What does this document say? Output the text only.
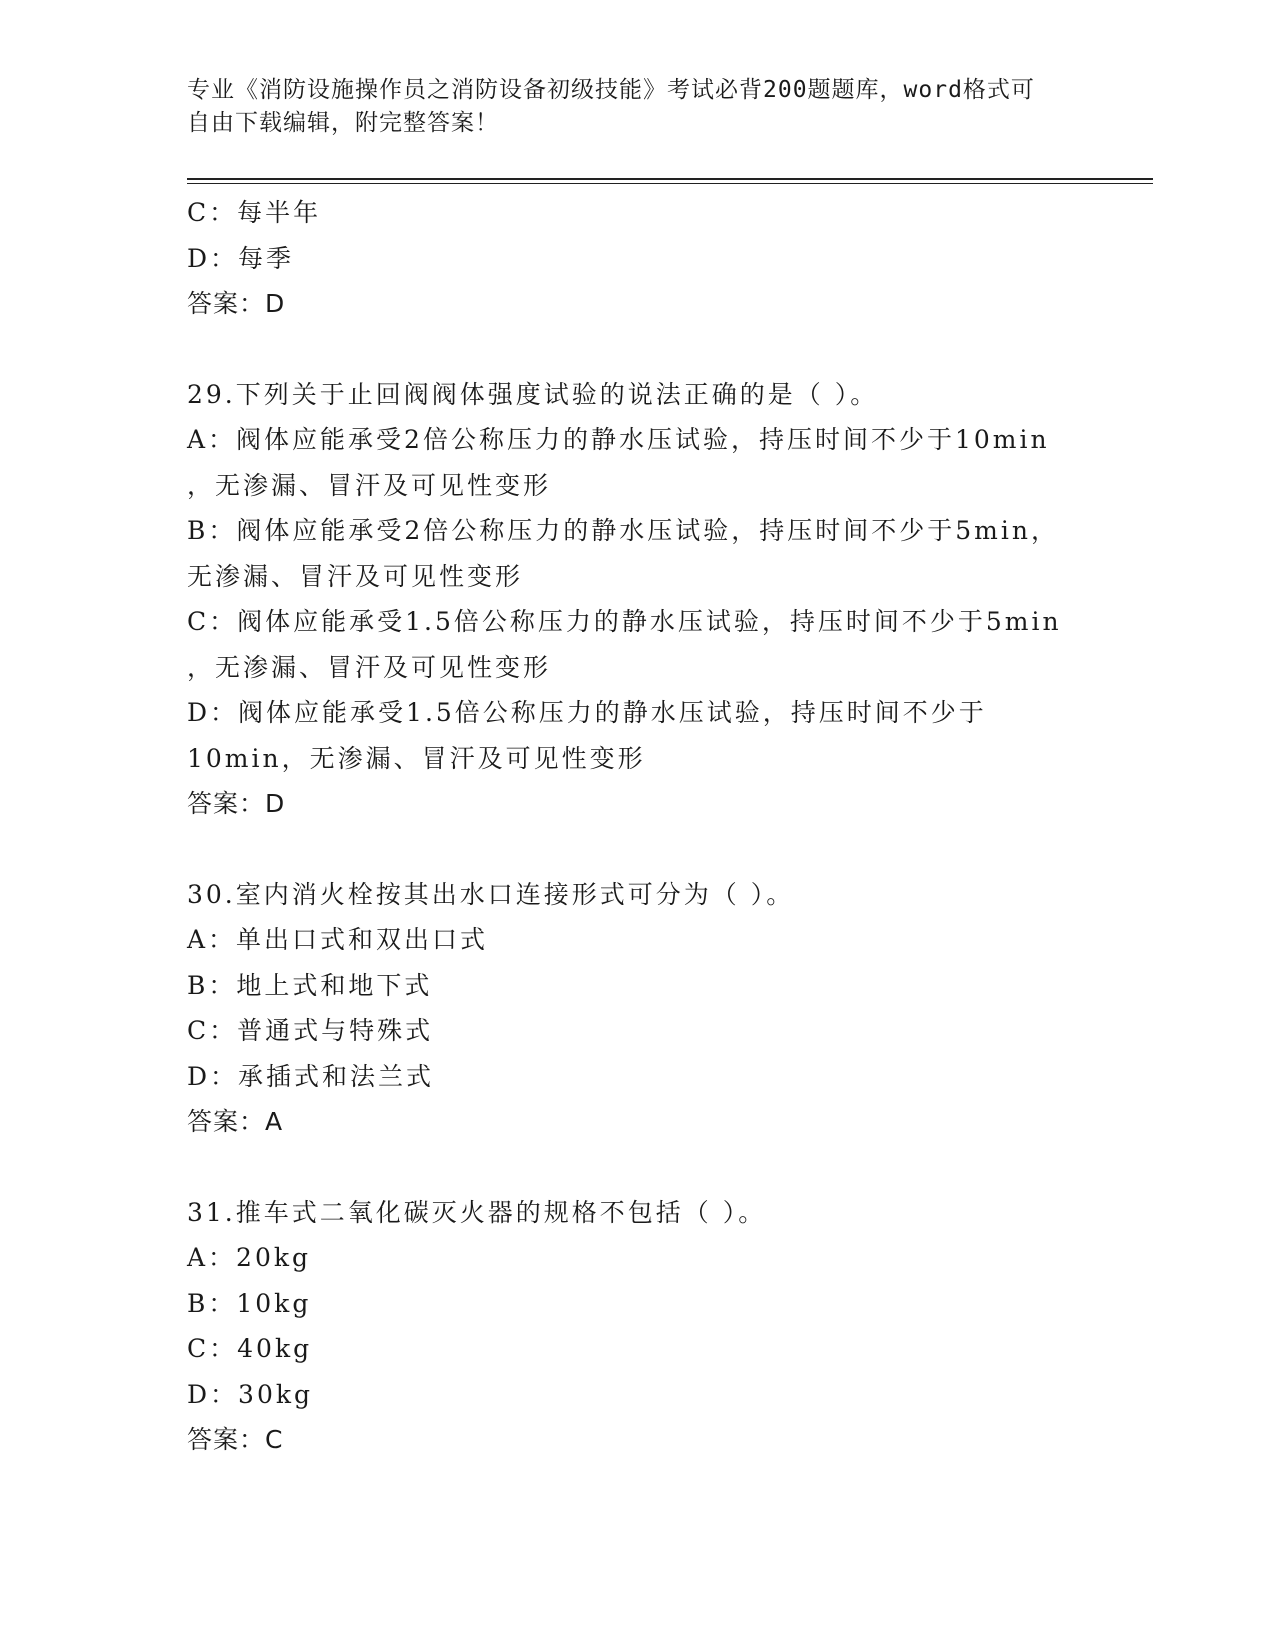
专业《消防设施操作员之消防设备初级技能》考试必背200题题库，word格式可
自由下载编辑，附完整答案！
C：每半年
D：每季
答案：D
29.下列关于止回阀阀体强度试验的说法正确的是（ ）。
A：阀体应能承受2倍公称压力的静水压试验，持压时间不少于10min
，无渗漏、冒汗及可见性变形
B：阀体应能承受2倍公称压力的静水压试验，持压时间不少于5min，
无渗漏、冒汗及可见性变形
C：阀体应能承受1.5倍公称压力的静水压试验，持压时间不少于5min
，无渗漏、冒汗及可见性变形
D：阀体应能承受1.5倍公称压力的静水压试验，持压时间不少于
10min，无渗漏、冒汗及可见性变形
答案：D
30.室内消火栓按其出水口连接形式可分为（ ）。
A：单出口式和双出口式
B：地上式和地下式
C：普通式与特殊式
D：承插式和法兰式
答案：A
31.推车式二氧化碳灭火器的规格不包括（ ）。
A：20kg
B：10kg
C：40kg
D：30kg
答案：C
